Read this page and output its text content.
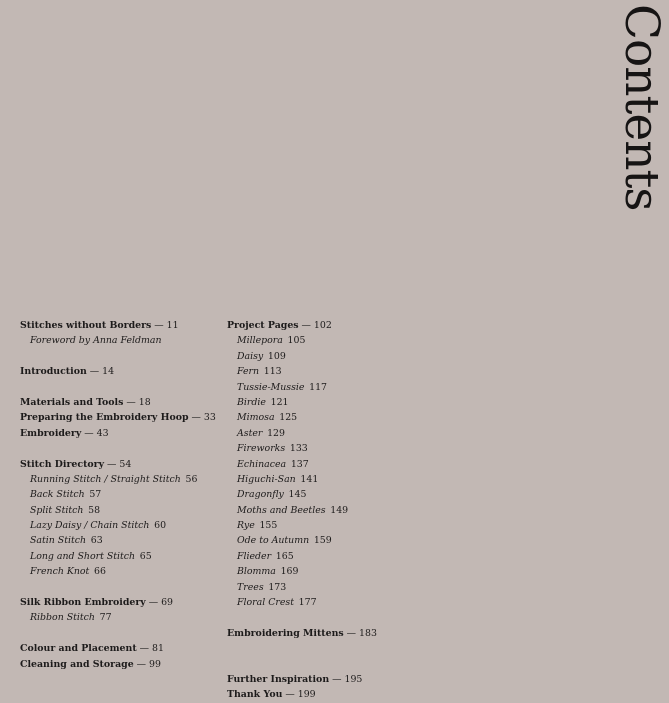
Contents
Stitches without Borders — 11
Foreword by Anna Feldman
Introduction — 14
Materials and Tools — 18
Preparing the Embroidery Hoop — 33
Embroidery — 43
Stitch Directory — 54
Running Stitch / Straight Stitch  56
Back Stitch  57
Split Stitch  58
Lazy Daisy / Chain Stitch  60
Satin Stitch  63
Long and Short Stitch  65
French Knot  66
Silk Ribbon Embroidery — 69
Ribbon Stitch  77
Colour and Placement — 81
Cleaning and Storage — 99
Project Pages — 102
Millepora  105
Daisy  109
Fern  113
Tussie-Mussie  117
Birdie  121
Mimosa  125
Aster  129
Fireworks  133
Echinacea  137
Higuchi-San  141
Dragonfly  145
Moths and Beetles  149
Rye  155
Ode to Autumn  159
Flieder  165
Blomma  169
Trees  173
Floral Crest  177
Embroidering Mittens — 183
Further Inspiration — 195
Thank You — 199
